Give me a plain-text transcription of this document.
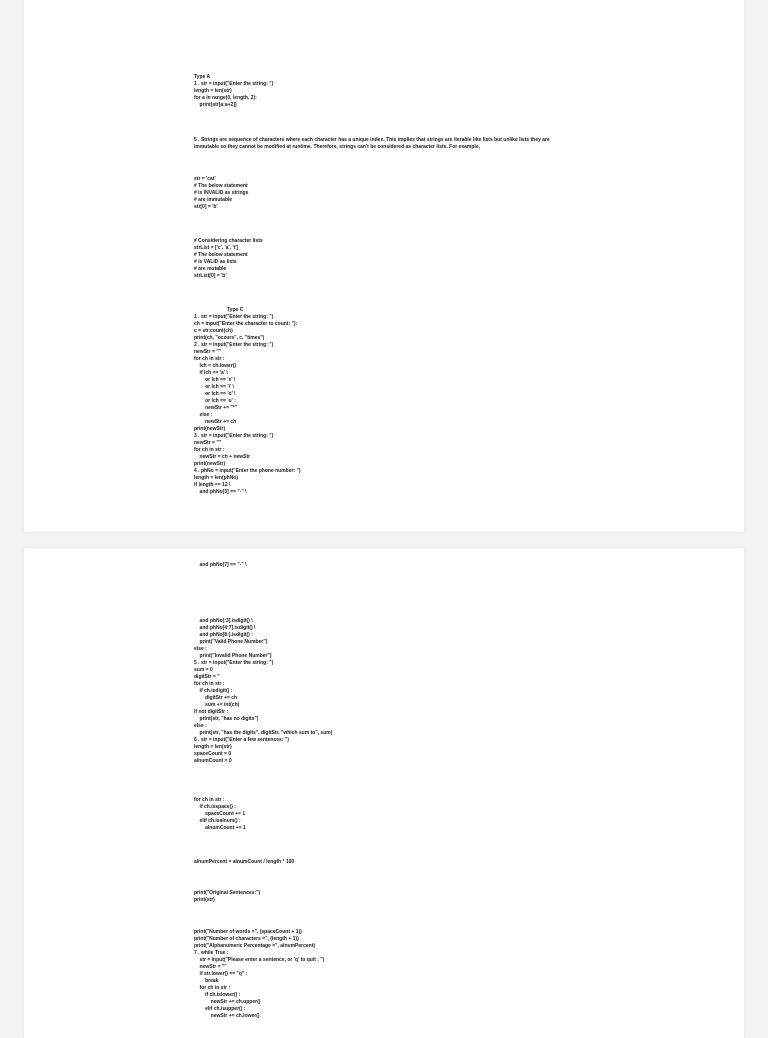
Type A
1 . str = input("Enter the string: ")
length = len(str)
for a in range(0, length, 2):
print(str[a:a+2])
5 . Strings are sequence of characters where each character has a unique index. This implies that strings are iterable like lists but unlike lists they are
immutable so they cannot be modified at runtime. Therefore, strings can't be considered as character lists. For example,
str = 'cat'
# The below statement
# is INVALID as strings
# are immutable
str[0] = 'b'
# Considering character lists
strList = ['c', 'a', 't']
# The below statement
# is VALID as lists
# are mutable
strList[0] = 'b'
Type C
1 . str = input("Enter the string: ")
ch = input("Enter the character to count: ");
c = str.count(ch)
print(ch, "occurs", c, "times")
2 . str = input("Enter the string: ")
newStr = ""
for ch in str :
lch = ch.lower()
if lch == 'a' \
or lch == 'e' \
or lch == 'i' \
or lch == 'o' \
or lch == 'u' :
newStr += "*"
else :
newStr += ch
print(newStr)
3 . str = input("Enter the string: ")
newStr = ""
for ch in str :
newStr = ch + newStr
print(newStr)
4 . phNo = input("Enter the phone number: ")
length = len(phNo)
if length == 12 \
and phNo[3] == "-" \
and phNo[7] == "-" \
and phNo[:3].isdigit() \
and phNo[4:7].isdigit() \
and phNo[8:].isdigit() :
print("Valid Phone Number")
else :
print("Invalid Phone Number")
5 . str = input("Enter the string: ")
sum = 0
digitStr = ''
for ch in str :
if ch.isdigit() :
digitStr += ch
sum += int(ch)
if not digitStr :
print(str, "has no digits")
else :
print(str, "has the digits", digitStr, "which sum to", sum)
6 . str = input("Enter a few sentences: ")
length = len(str)
spaceCount = 0
alnumCount = 0
for ch in str :
if ch.isspace() :
spaceCount += 1
elif ch.isalnum() :
alnumCount += 1
alnumPercent = alnumCount / length * 100
print("Original Sentences:")
print(str)
print("Number of words =", (spaceCount + 1))
print("Number of characters =", (length + 1))
print("Alphanumeric Percentage =", alnumPercent)
7 . while True :
str = input("Please enter a sentence, or 'q' to quit : ")
newStr = ""
if str.lower() == "q" :
break
for ch in str :
if ch.islower() :
newStr += ch.upper()
elif ch.isupper() :
newStr += ch.lower()
